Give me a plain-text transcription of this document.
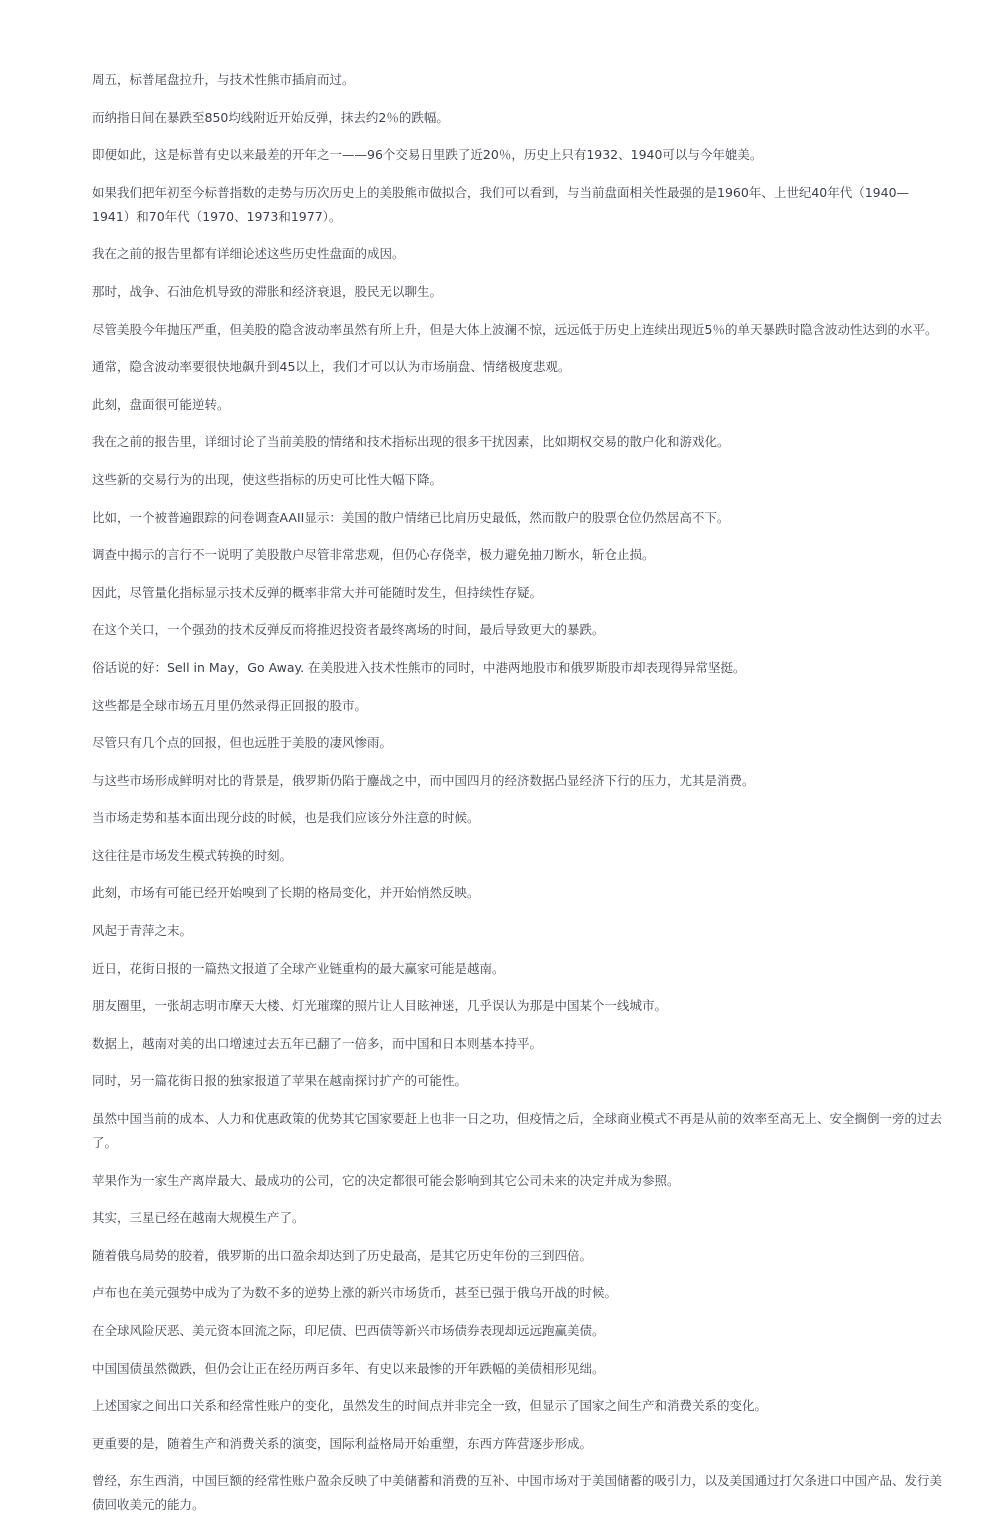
周五，标普尾盘拉升，与技术性熊市插肩而过。

而纳指日间在暴跌至850均线附近开始反弹，抹去约2％的跌幅。

即便如此，这是标普有史以来最差的开年之一——96个交易日里跌了近20％，历史上只有1932、1940可以与今年媲美。

如果我们把年初至今标普指数的走势与历次历史上的美股熊市做拟合，我们可以看到，与当前盘面相关性最强的是1960年、上世纪40年代（1940—1941）和70年代（1970、1973和1977）。

我在之前的报告里都有详细论述这些历史性盘面的成因。

那时，战争、石油危机导致的滞胀和经济衰退，股民无以聊生。

尽管美股今年抛压严重，但美股的隐含波动率虽然有所上升，但是大体上波澜不惊，远远低于历史上连续出现近5％的单天暴跌时隐含波动性达到的水平。

通常，隐含波动率要很快地飙升到45以上，我们才可以认为市场崩盘、情绪极度悲观。

此刻，盘面很可能逆转。

我在之前的报告里，详细讨论了当前美股的情绪和技术指标出现的很多干扰因素，比如期权交易的散户化和游戏化。

这些新的交易行为的出现，使这些指标的历史可比性大幅下降。

比如，一个被普遍跟踪的问卷调查AAII显示：美国的散户情绪已比肩历史最低，然而散户的股票仓位仍然居高不下。

调查中揭示的言行不一说明了美股散户尽管非常悲观，但仍心存侥幸，极力避免抽刀断水，斩仓止损。

因此，尽管量化指标显示技术反弹的概率非常大并可能随时发生，但持续性存疑。

在这个关口，一个强劲的技术反弹反而将推迟投资者最终离场的时间，最后导致更大的暴跌。

俗话说的好：Sell in May，Go Away. 在美股进入技术性熊市的同时，中港两地股市和俄罗斯股市却表现得异常坚挺。

这些都是全球市场五月里仍然录得正回报的股市。

尽管只有几个点的回报，但也远胜于美股的凄风惨雨。

与这些市场形成鲜明对比的背景是，俄罗斯仍陷于鏖战之中，而中国四月的经济数据凸显经济下行的压力，尤其是消费。

当市场走势和基本面出现分歧的时候，也是我们应该分外注意的时候。

这往往是市场发生模式转换的时刻。

此刻，市场有可能已经开始嗅到了长期的格局变化，并开始悄然反映。

风起于青萍之末。

近日，花街日报的一篇热文报道了全球产业链重构的最大赢家可能是越南。

朋友圈里，一张胡志明市摩天大楼、灯光璀璨的照片让人目眩神迷，几乎误认为那是中国某个一线城市。

数据上，越南对美的出口增速过去五年已翻了一倍多，而中国和日本则基本持平。

同时，另一篇花街日报的独家报道了苹果在越南探讨扩产的可能性。

虽然中国当前的成本、人力和优惠政策的优势其它国家要赶上也非一日之功，但疫情之后，全球商业模式不再是从前的效率至高无上、安全搁倒一旁的过去了。

苹果作为一家生产离岸最大、最成功的公司，它的决定都很可能会影响到其它公司未来的决定并成为参照。

其实，三星已经在越南大规模生产了。

随着俄乌局势的胶着，俄罗斯的出口盈余却达到了历史最高，是其它历史年份的三到四倍。

卢布也在美元强势中成为了为数不多的逆势上涨的新兴市场货币，甚至已强于俄乌开战的时候。

在全球风险厌恶、美元资本回流之际，印尼债、巴西债等新兴市场债券表现却远远跑赢美债。

中国国债虽然微跌，但仍会让正在经历两百多年、有史以来最惨的开年跌幅的美债相形见绌。

上述国家之间出口关系和经常性账户的变化，虽然发生的时间点并非完全一致，但显示了国家之间生产和消费关系的变化。

更重要的是，随着生产和消费关系的演变，国际利益格局开始重塑，东西方阵营逐步形成。

曾经，东生西消，中国巨额的经常性账户盈余反映了中美储蓄和消费的互补、中国市场对于美国储蓄的吸引力，以及美国通过打欠条进口中国产品、发行美债回收美元的能力。
